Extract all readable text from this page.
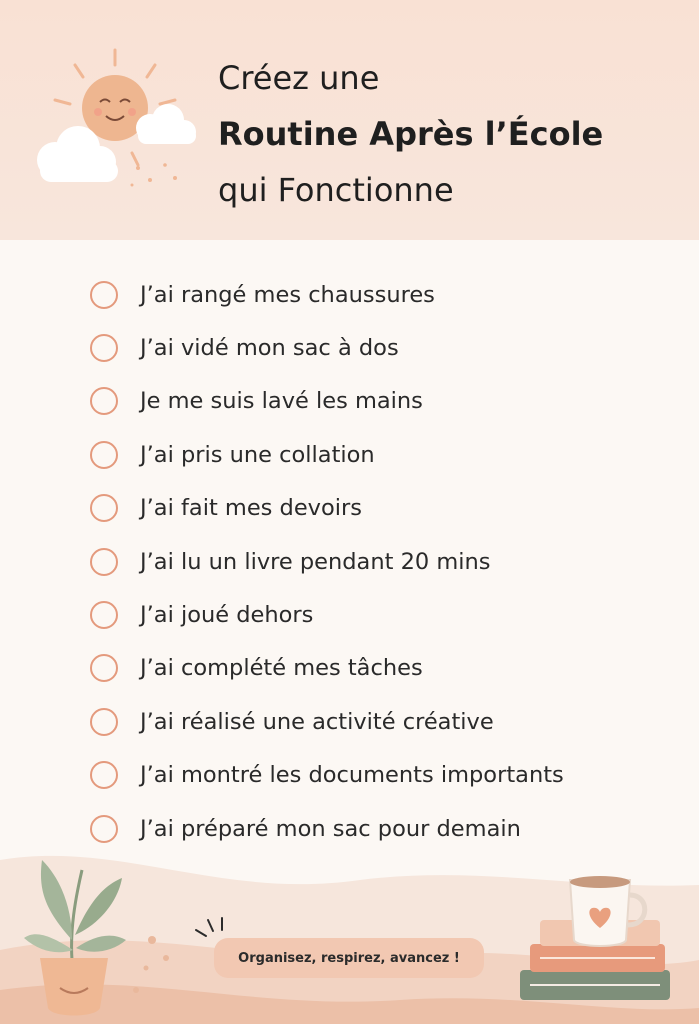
Créez une
Routine Après l’École
qui Fonctionne
J’ai rangé mes chaussures
J’ai vidé mon sac à dos
Je me suis lavé les mains
J’ai pris une collation
J’ai fait mes devoirs
J’ai lu un livre pendant 20 mins
J’ai joué dehors
J’ai complété mes tâches
J’ai réalisé une activité créative
J’ai montré les documents importants
J’ai préparé mon sac pour demain
Organisez, respirez, avancez !
